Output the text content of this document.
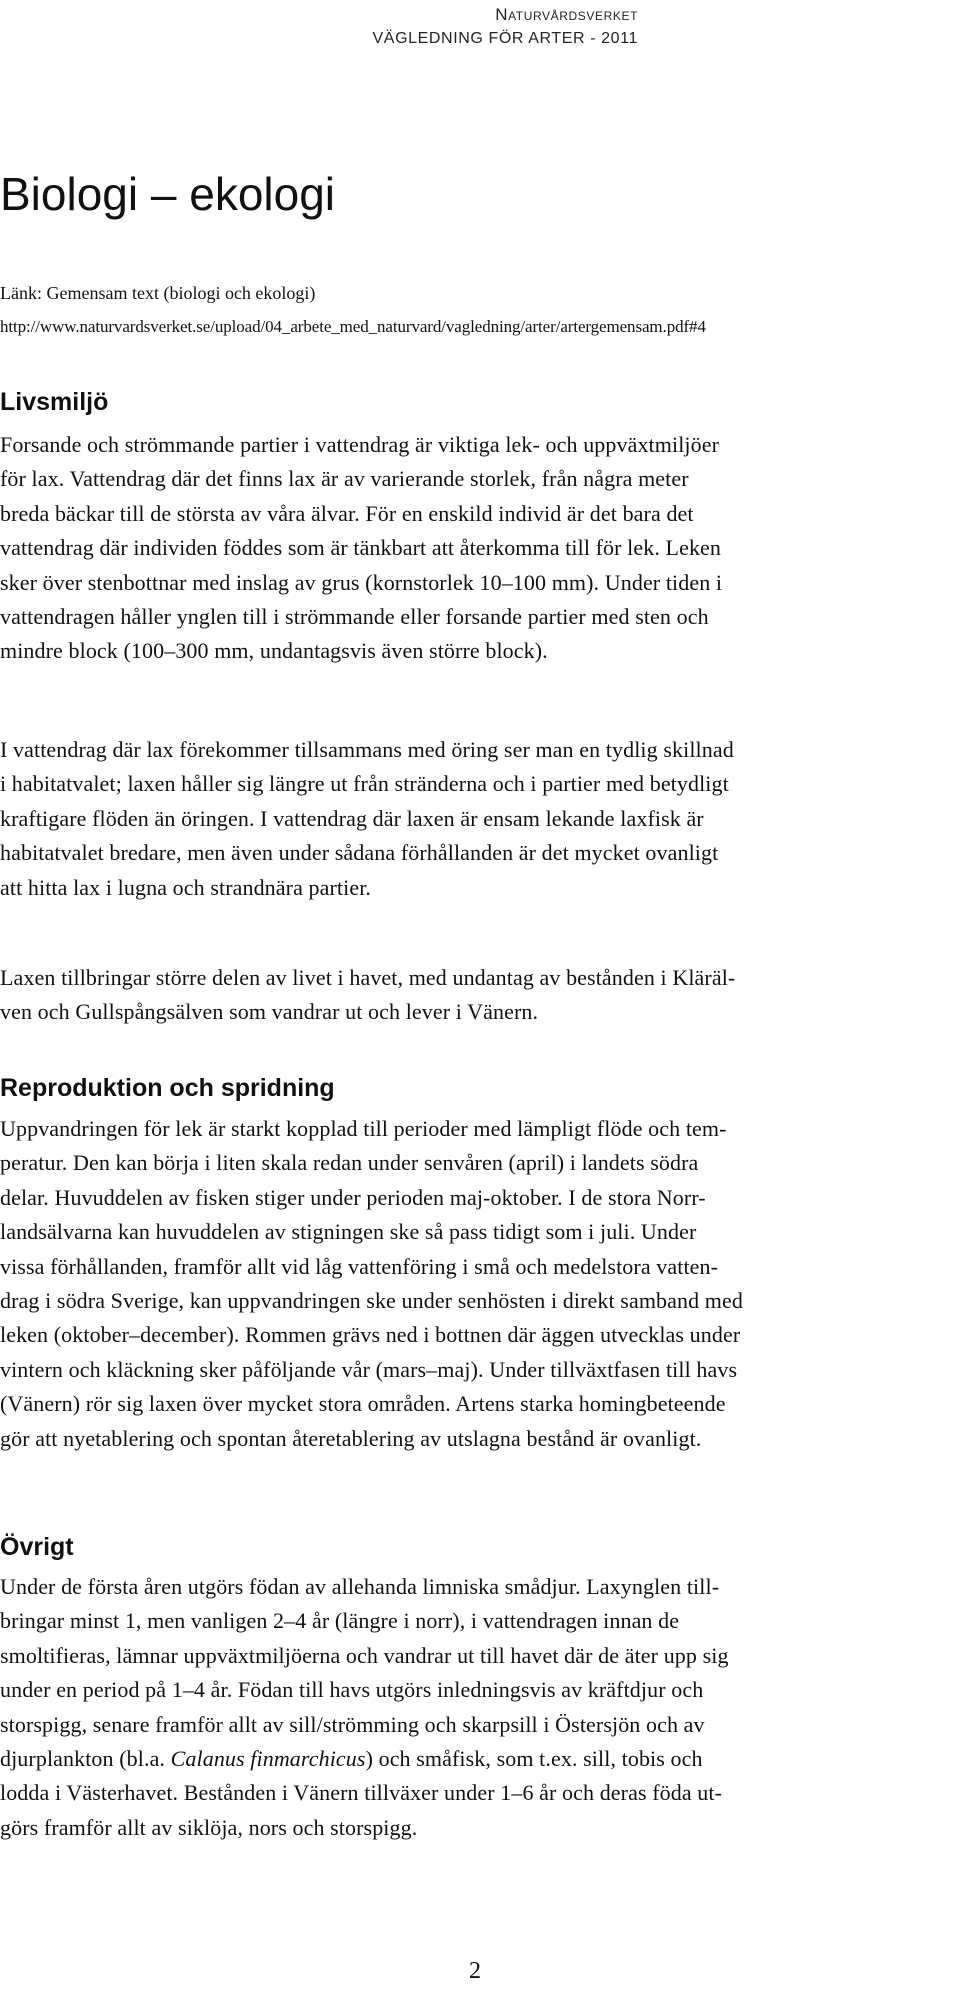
Naturvårdsverket
VÄGLEDNING FÖR ARTER - 2011
Biologi – ekologi
Länk: Gemensam text (biologi och ekologi)
http://www.naturvardsverket.se/upload/04_arbete_med_naturvard/vagledning/arter/artergemensam.pdf#4
Livsmiljö
Forsande och strömmande partier i vattendrag är viktiga lek- och uppväxtmiljöer
för lax. Vattendrag där det finns lax är av varierande storlek, från några meter
breda bäckar till de största av våra älvar. För en enskild individ är det bara det
vattendrag där individen föddes som är tänkbart att återkomma till för lek. Leken
sker över stenbottnar med inslag av grus (kornstorlek 10–100 mm). Under tiden i
vattendragen håller ynglen till i strömmande eller forsande partier med sten och
mindre block (100–300 mm, undantagsvis även större block).
I vattendrag där lax förekommer tillsammans med öring ser man en tydlig skillnad
i habitatvalet; laxen håller sig längre ut från stränderna och i partier med betydligt
kraftigare flöden än öringen. I vattendrag där laxen är ensam lekande laxfisk är
habitatvalet bredare, men även under sådana förhållanden är det mycket ovanligt
att hitta lax i lugna och strandnära partier.
Laxen tillbringar större delen av livet i havet, med undantag av bestånden i Kläräl-
ven och Gullspångsälven som vandrar ut och lever i Vänern.
Reproduktion och spridning
Uppvandringen för lek är starkt kopplad till perioder med lämpligt flöde och tem-
peratur. Den kan börja i liten skala redan under senvåren (april) i landets södra
delar. Huvuddelen av fisken stiger under perioden maj-oktober. I de stora Norr-
landsälvarna kan huvuddelen av stigningen ske så pass tidigt som i juli. Under
vissa förhållanden, framför allt vid låg vattenföring i små och medelstora vatten-
drag i södra Sverige, kan uppvandringen ske under senhösten i direkt samband med
leken (oktober–december). Rommen grävs ned i bottnen där äggen utvecklas under
vintern och kläckning sker påföljande vår (mars–maj). Under tillväxtfasen till havs
(Vänern) rör sig laxen över mycket stora områden. Artens starka homingbeteende
gör att nyetablering och spontan återetablering av utslagna bestånd är ovanligt.
Övrigt
Under de första åren utgörs födan av allehanda limniska smådjur. Laxynglen till-
bringar minst 1, men vanligen 2–4 år (längre i norr), i vattendragen innan de
smoltifieras, lämnar uppväxtmiljöerna och vandrar ut till havet där de äter upp sig
under en period på 1–4 år. Födan till havs utgörs inledningsvis av kräftdjur och
storspigg, senare framför allt av sill/strömming och skarpsill i Östersjön och av
djurplankton (bl.a. Calanus finmarchicus) och småfisk, som t.ex. sill, tobis och
lodda i Västerhavet. Bestånden i Vänern tillväxer under 1–6 år och deras föda ut-
görs framför allt av siklöja, nors och storspigg.
2
